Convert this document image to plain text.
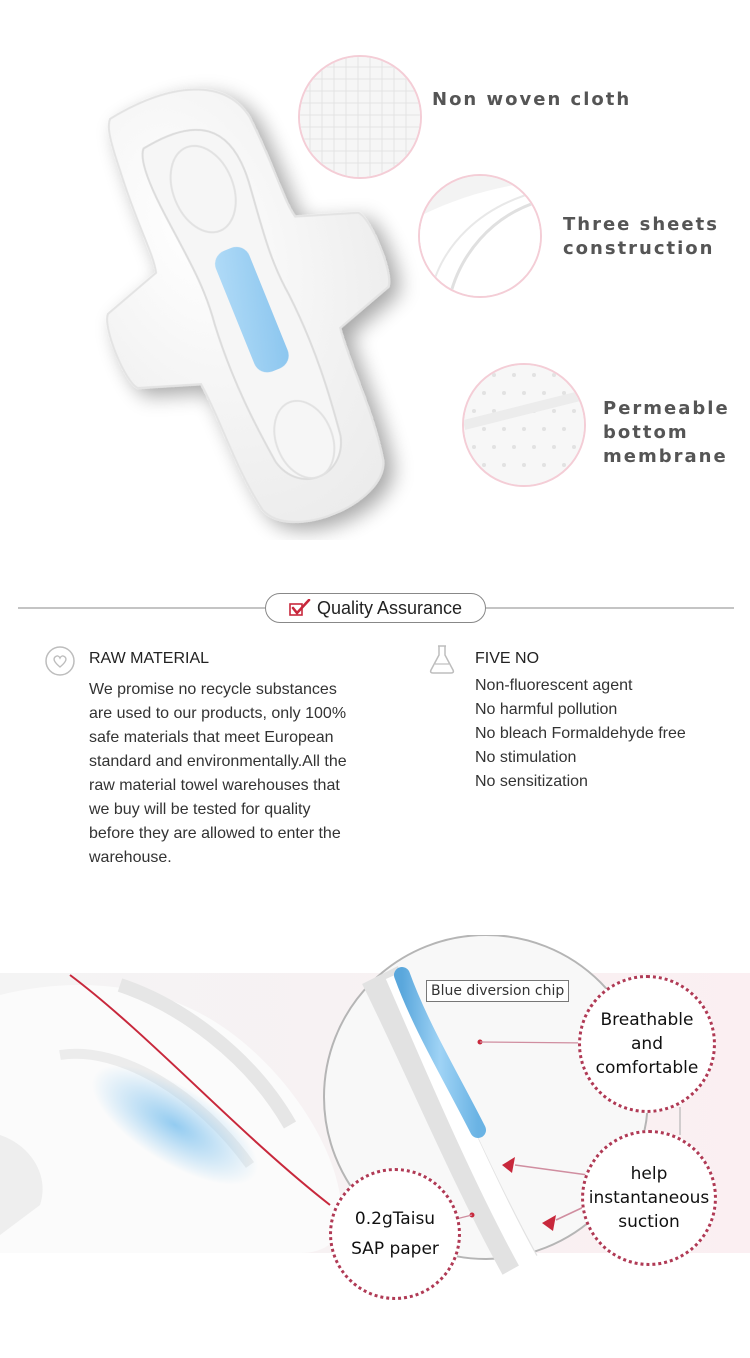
Non woven cloth
Three sheets
construction
Permeable
bottom
membrane
Quality Assurance
RAW MATERIAL
We promise no recycle substances
are used to our products, only 100%
safe materials that meet European
standard and environmentally.All the
raw material towel warehouses that
we buy will be tested for quality
before they are allowed to enter the
warehouse.
FIVE NO
Non-fluorescent agent
No harmful pollution
No bleach Formaldehyde free
No stimulation
No sensitization
Blue diversion chip
Breathable
and
comfortable
help
instantaneous
suction
0.2gTaisu
SAP paper
